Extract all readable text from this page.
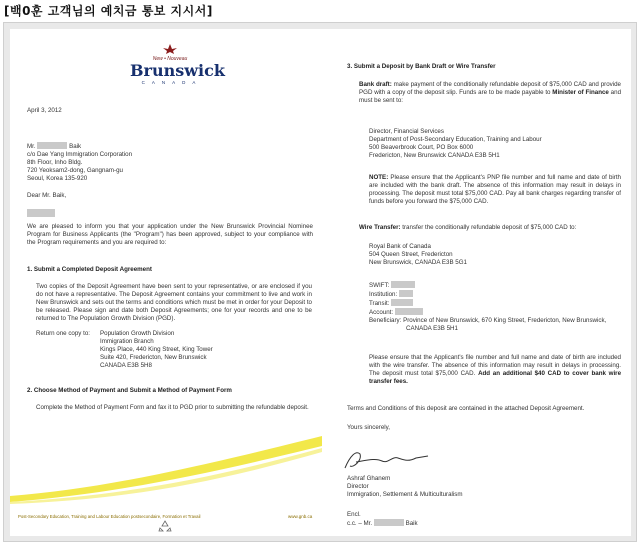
[백0훈 고객님의 예치금 통보 지시서]
New • Nouveau
Brunswick
C A N A D A
April 3, 2012

Mr.	Baik

c/o Dae Yang Immigration Corporation

8th Floor, Inho Bldg.

720 Yeoksam2-dong, Gangnam-gu

Seoul, Korea 135-920

Dear Mr. Baik,
We are pleased to inform you that your application under the New Brunswick Provincial Nominee Program for Business Applicants (the "Program") has been approved, subject to your compliance with the Program requirements and you are required to:
1. Submit a Completed Deposit Agreement
Two copies of the Deposit Agreement have been sent to your representative, or are enclosed if you do not have a representative. The Deposit Agreement contains your commitment to live and work in New Brunswick and sets out the terms and conditions which must be met in order for your Deposit to be released. Please sign and date both Deposit Agreements; one for your records and one to be returned to The Population Growth Division (PGD).
Return one copy to: Population Growth Division

Immigration Branch

Kings Place, 440 King Street, King Tower

Suite 420, Fredericton, New Brunswick

CANADA E3B 5H8

2. Choose Method of Payment and Submit a Method of Payment Form
Complete the Method of Payment Form and fax it to PGD prior to submitting the refundable deposit.
Post-Secondary Education, Training and Labour Education postsecondaire, Formation et Travail	www.gnb.ca
3. Submit a Deposit by Bank Draft or Wire Transfer

Bank draft: make payment of the conditionally refundable deposit of $75,000 CAD and provide PGD with a copy of the deposit slip. Funds are to be made payable to Minister of Finance and must be sent to:

Director, Financial Services

Department of Post-Secondary Education, Training and Labour

500 Beaverbrook Court, PO Box 6000

Fredericton, New Brunswick CANADA E3B 5H1

NOTE: Please ensure that the Applicant's PNP file number and full name and date of birth are included with the bank draft. The absence of this information may result in delays in processing. The deposit must total $75,000 CAD. Pay all bank charges regarding transfer of funds before you forward the $75,000 CAD.

Wire Transfer: transfer the conditionally refundable deposit of $75,000 CAD to:

Royal Bank of Canada

504 Queen Street, Fredericton

New Brunswick, CANADA E3B 5G1

SWIFT:

Institution:

Transit:

Account:

Beneficiary: Province of New Brunswick, 670 King Street, Fredericton, New Brunswick,

CANADA E3B 5H1

Please ensure that the Applicant's file number and full name and date of birth are included with the wire transfer. The absence of this information may result in delays in processing. The deposit must total $75,000 CAD. Add an additional $40 CAD to cover bank wire transfer fees.

Terms and Conditions of this deposit are contained in the attached Deposit Agreement.
Yours sincerely,

Ashraf Ghanem

Director

Immigration, Settlement & Multiculturalism

Encl.

c.c. – Mr.	Baik
